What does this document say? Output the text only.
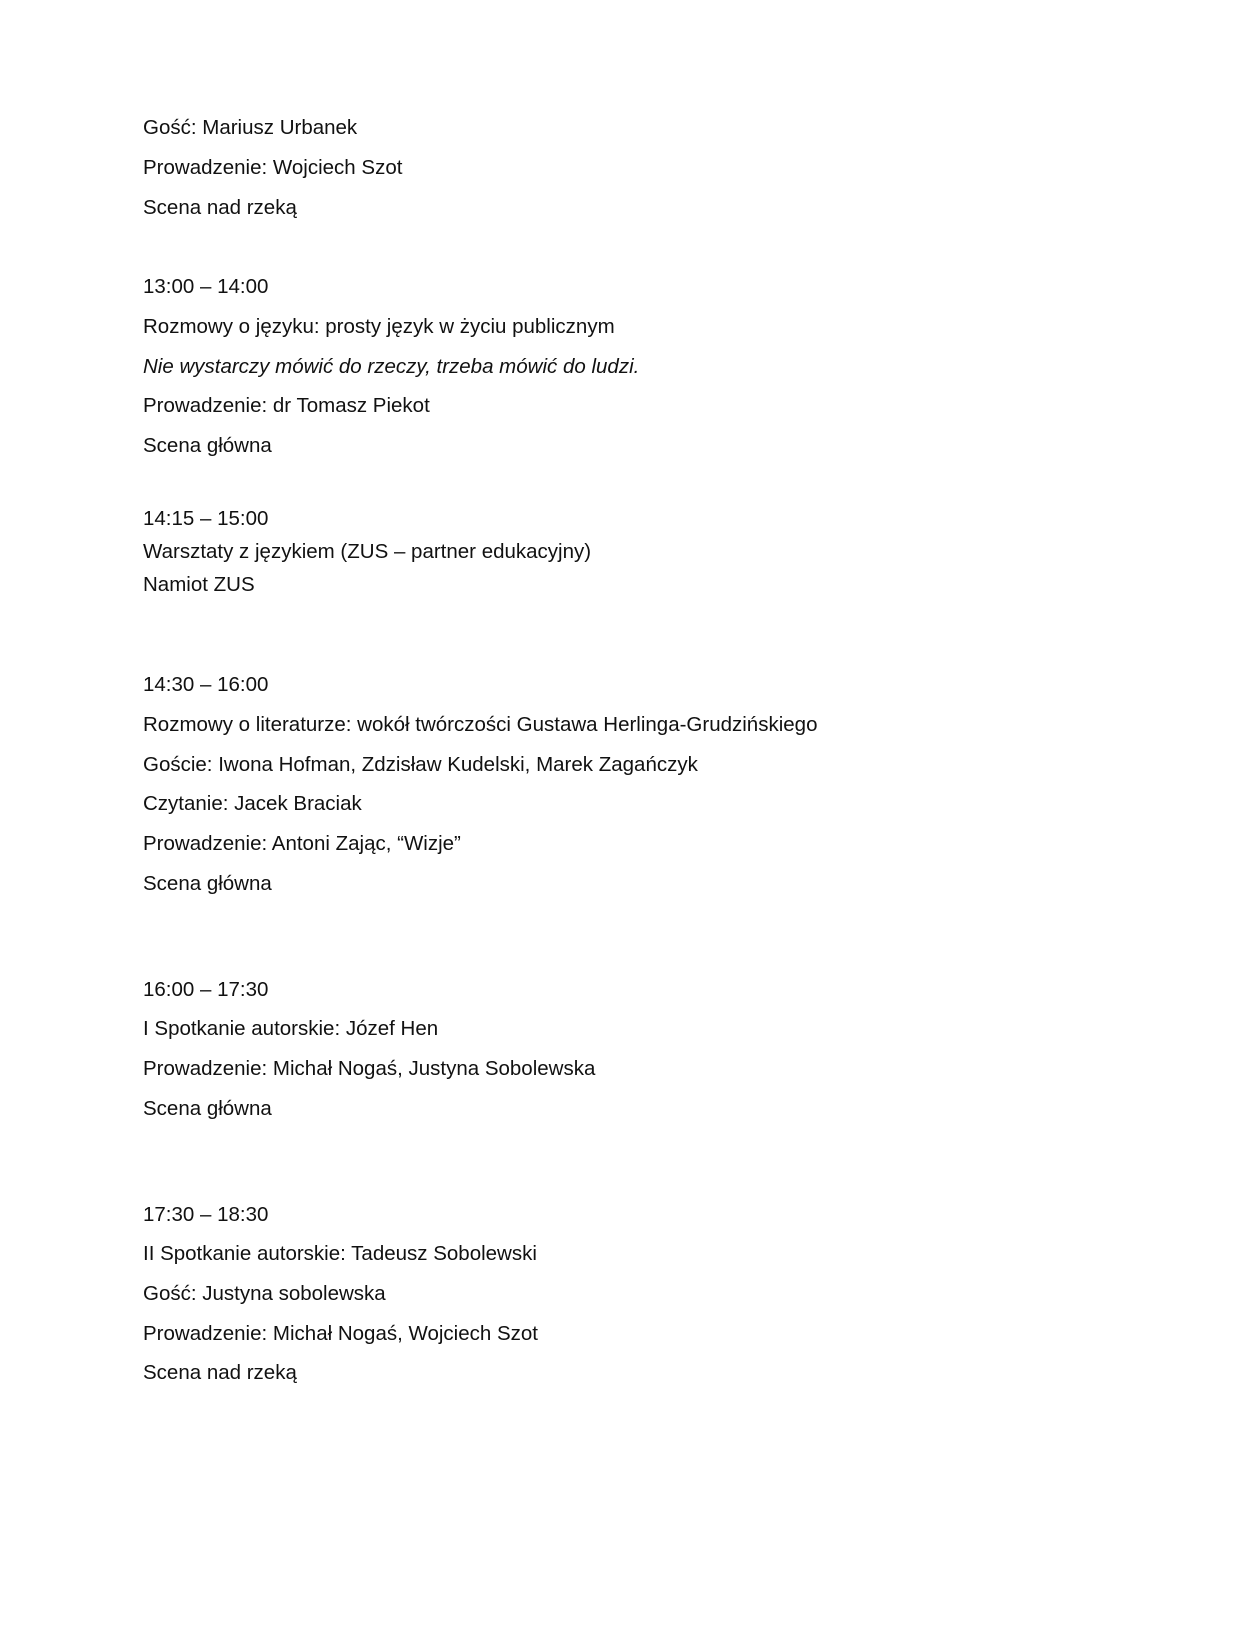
Gość: Mariusz Urbanek
Prowadzenie: Wojciech Szot
Scena nad rzeką
13:00 – 14:00
Rozmowy o języku: prosty język w życiu publicznym
Nie wystarczy mówić do rzeczy, trzeba mówić do ludzi.
Prowadzenie: dr Tomasz Piekot
Scena główna
14:15 – 15:00
Warsztaty z językiem (ZUS – partner edukacyjny)
Namiot ZUS
14:30 – 16:00
Rozmowy o literaturze: wokół twórczości Gustawa Herlinga-Grudzińskiego
Goście: Iwona Hofman, Zdzisław Kudelski, Marek Zagańczyk
Czytanie: Jacek Braciak
Prowadzenie: Antoni Zając, “Wizje”
Scena główna
16:00 – 17:30
I Spotkanie autorskie: Józef Hen
Prowadzenie: Michał Nogaś, Justyna Sobolewska
Scena główna
17:30 – 18:30
II Spotkanie autorskie: Tadeusz Sobolewski
Gość: Justyna sobolewska
Prowadzenie: Michał Nogaś, Wojciech Szot
Scena nad rzeką
